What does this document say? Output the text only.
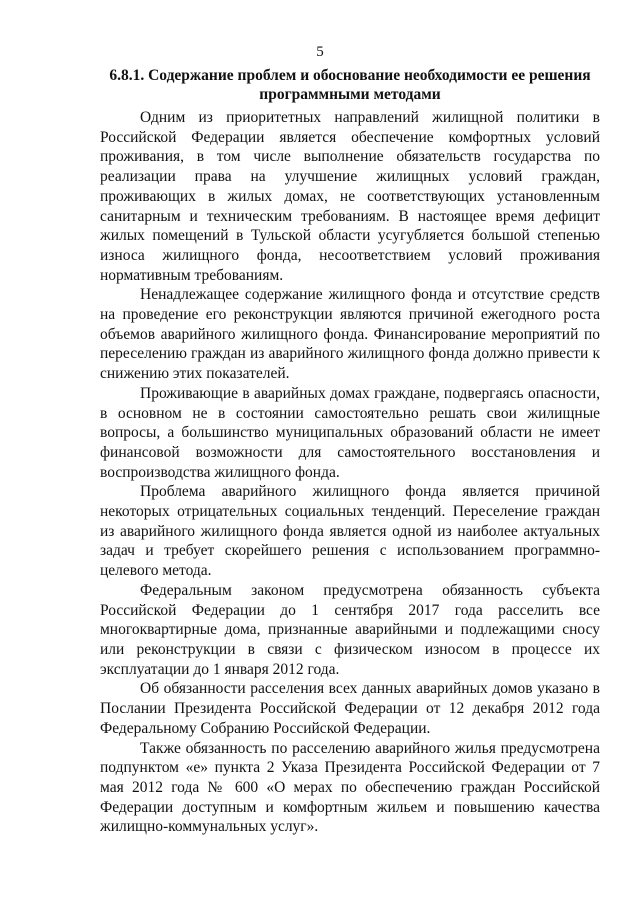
5
6.8.1. Содержание проблем и обоснование необходимости ее решения
программными методами

Одним из приоритетных направлений жилищной политики в Российской Федерации является обеспечение комфортных условий проживания, в том числе выполнение обязательств государства по реализации права на улучшение жилищных условий граждан, проживающих в жилых домах, не соответствующих установленным санитарным и техническим требованиям. В настоящее время дефицит жилых помещений в Тульской области усугубляется большой степенью износа жилищного фонда, несоответствием условий проживания нормативным требованиям.

Ненадлежащее содержание жилищного фонда и отсутствие средств на проведение его реконструкции являются причиной ежегодного роста объемов аварийного жилищного фонда. Финансирование мероприятий по переселению граждан из аварийного жилищного фонда должно привести к снижению этих показателей.

Проживающие в аварийных домах граждане, подвергаясь опасности, в основном не в состоянии самостоятельно решать свои жилищные вопросы, а большинство муниципальных образований области не имеет финансовой возможности для самостоятельного восстановления и воспроизводства жилищного фонда.

Проблема аварийного жилищного фонда является причиной некоторых отрицательных социальных тенденций. Переселение граждан из аварийного жилищного фонда является одной из наиболее актуальных задач и требует скорейшего решения с использованием программно-целевого метода.

Федеральным законом предусмотрена обязанность субъекта Российской Федерации до 1 сентября 2017 года расселить все многоквартирные дома, признанные аварийными и подлежащими сносу или реконструкции в связи с физическом износом в процессе их эксплуатации до 1 января 2012 года.

Об обязанности расселения всех данных аварийных домов указано в Послании Президента Российской Федерации от 12 декабря 2012 года Федеральному Собранию Российской Федерации.

Также обязанность по расселению аварийного жилья предусмотрена подпунктом «е» пункта 2 Указа Президента Российской Федерации от 7 мая 2012 года № 600 «О мерах по обеспечению граждан Российской Федерации доступным и комфортным жильем и повышению качества жилищно-коммунальных услуг».
